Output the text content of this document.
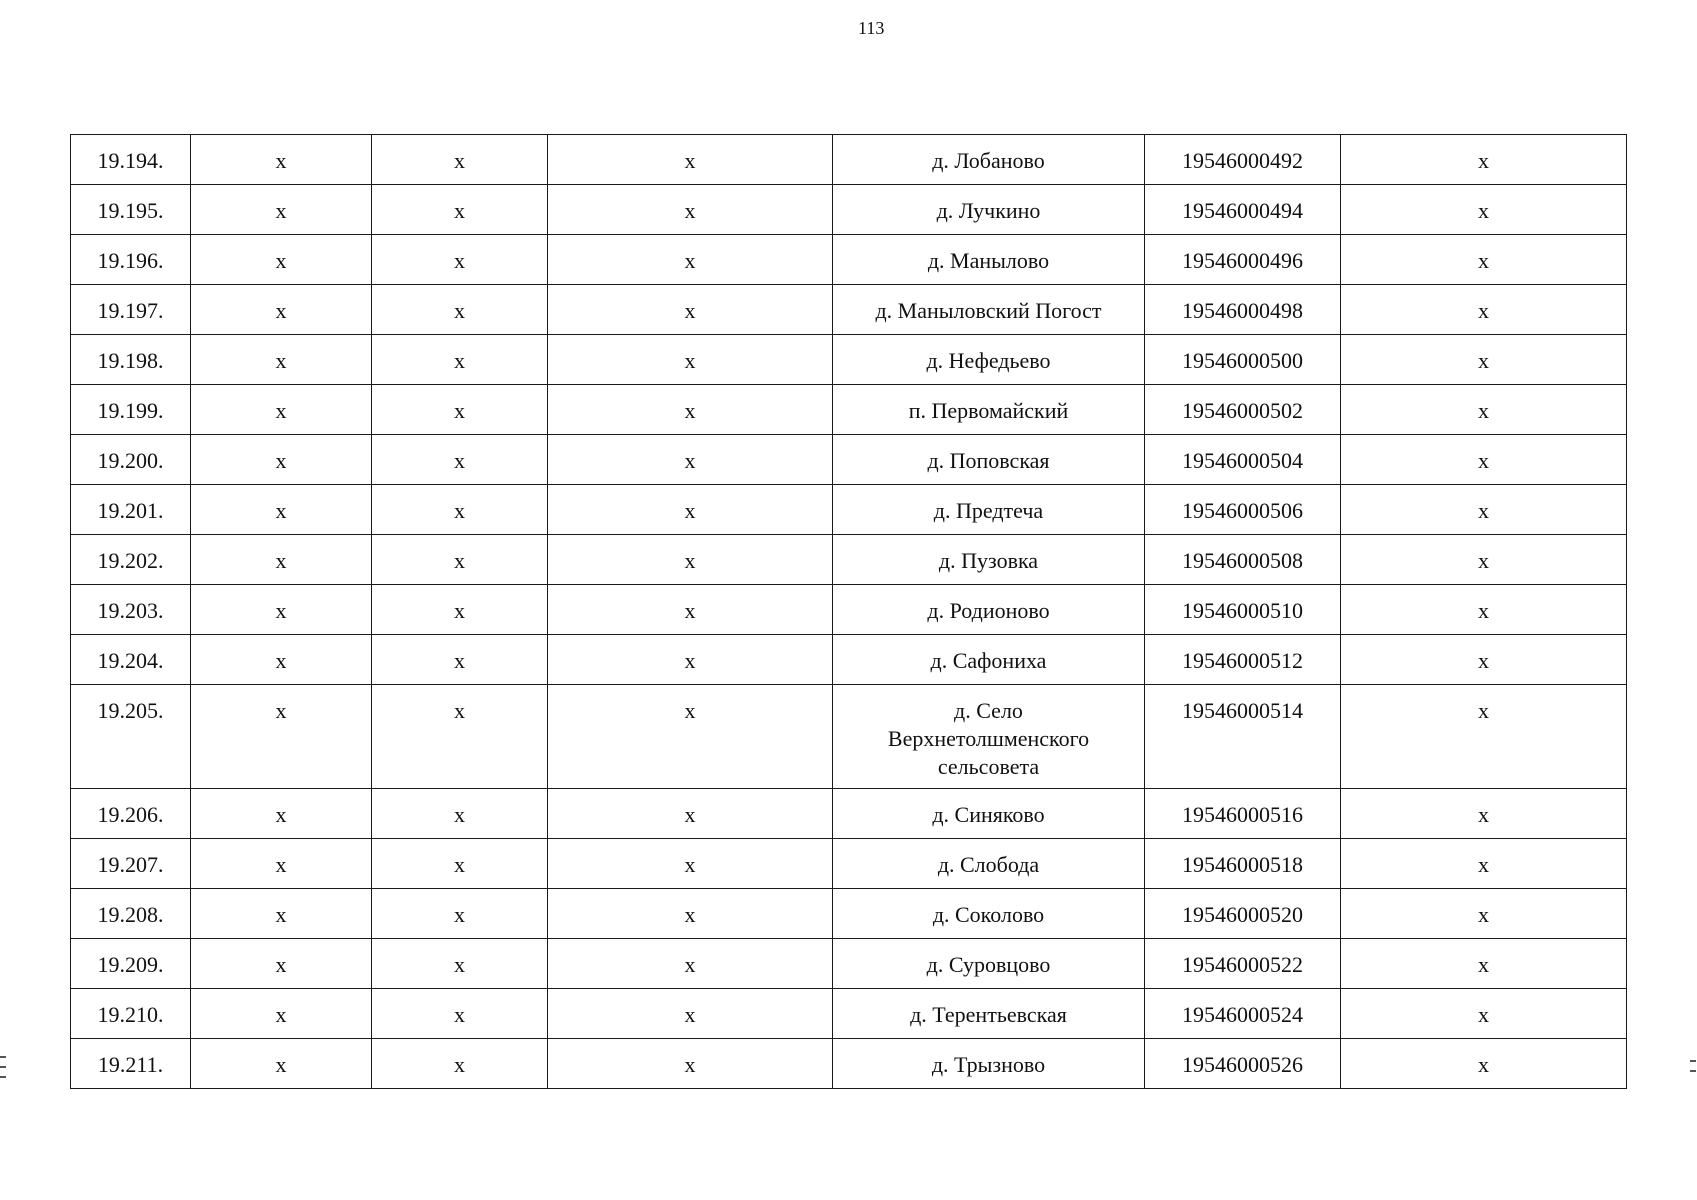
113
19.194.	х	х	х	д. Лобаново	19546000492	х
19.195.	х	х	х	д. Лучкино	19546000494	х
19.196.	х	х	х	д. Манылово	19546000496	х
19.197.	х	х	х	д. Маныловский Погост	19546000498	х
19.198.	х	х	х	д. Нефедьево	19546000500	х
19.199.	х	х	х	п. Первомайский	19546000502	х
19.200.	х	х	х	д. Поповская	19546000504	х
19.201.	х	х	х	д. Предтеча	19546000506	х
19.202.	х	х	х	д. Пузовка	19546000508	х
19.203.	х	х	х	д. Родионово	19546000510	х
19.204.	х	х	х	д. Сафониха	19546000512	х
19.205.	х	х	х	д. Село
Верхнетолшменского
сельсовета	19546000514	х
19.206.	х	х	х	д. Синяково	19546000516	х
19.207.	х	х	х	д. Слобода	19546000518	х
19.208.	х	х	х	д. Соколово	19546000520	х
19.209.	х	х	х	д. Суровцово	19546000522	х
19.210.	х	х	х	д. Терентьевская	19546000524	х
19.211.	х	х	х	д. Трызново	19546000526	х
